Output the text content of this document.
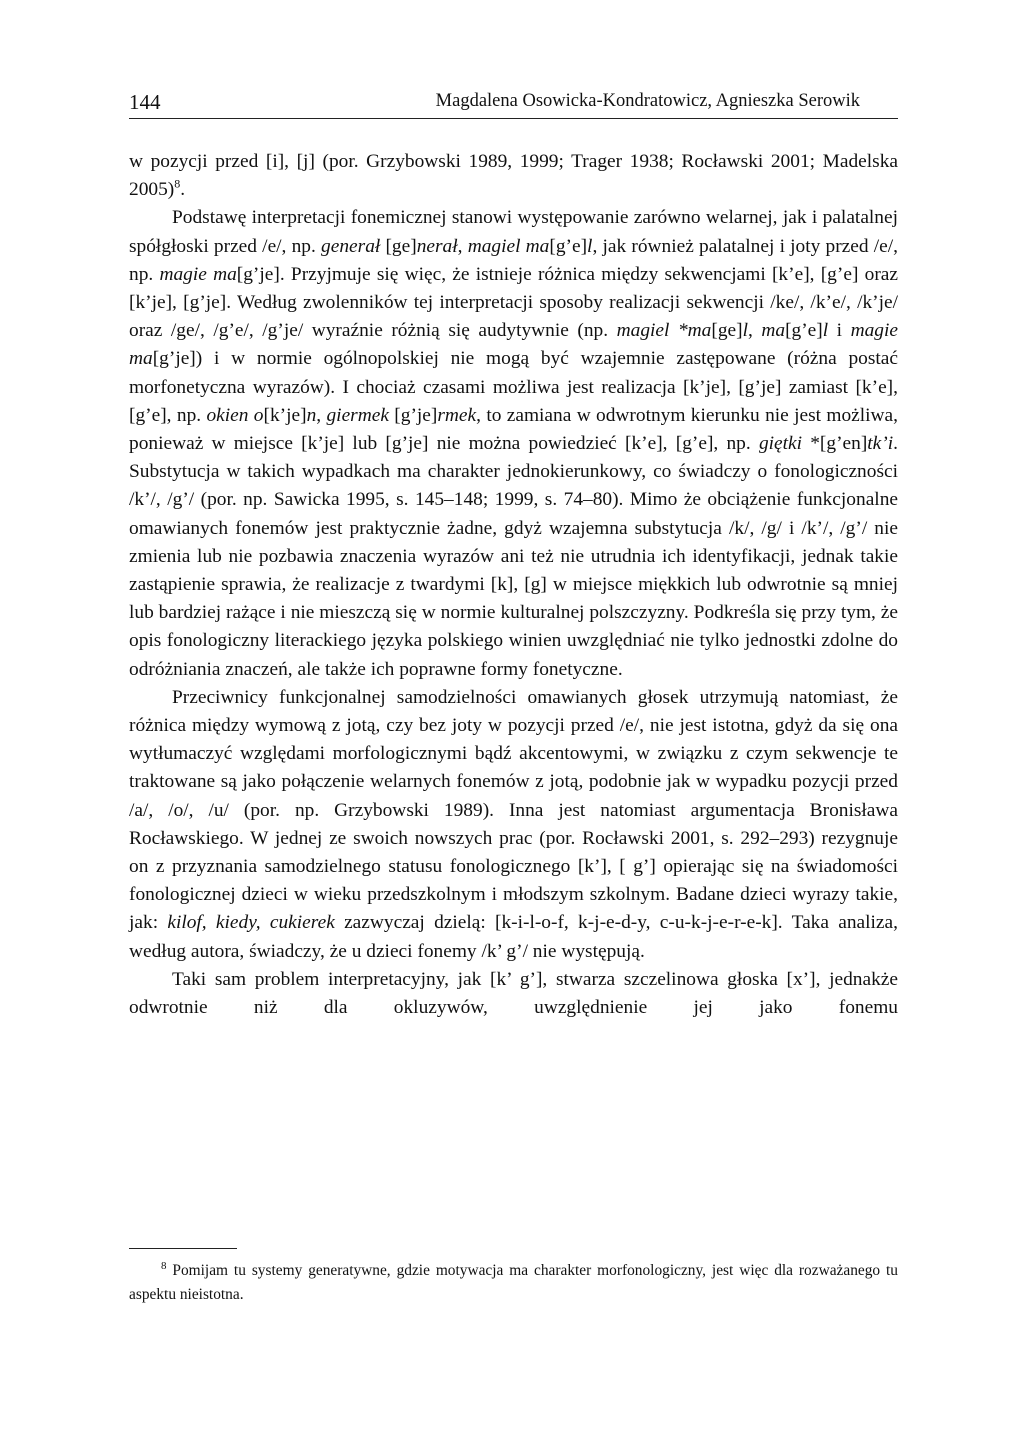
144	Magdalena Osowicka-Kondratowicz, Agnieszka Serowik

w pozycji przed [i], [j] (por. Grzybowski 1989, 1999; Trager 1938; Rocławski 2001; Madelska 2005)$^8$.

Podstawę interpretacji fonemicznej stanowi występowanie zarówno welarnej, jak i palatalnej spółgłoski przed /e/, np. generał [ge]nerał, magiel ma[g’e]l, jak również palatalnej i joty przed /e/, np. magie ma[g’je]. Przyjmuje się więc, że istnieje różnica między sekwencjami [k’e], [g’e] oraz [k’je], [g’je]. Według zwolenników tej interpretacji sposoby realizacji sekwencji /ke/, /k’e/, /k’je/ oraz /ge/, /g’e/, /g’je/ wyraźnie różnią się audytywnie (np. magiel *ma[ge]l, ma[g’e]l i magie ma[g’je]) i w normie ogólnopolskiej nie mogą być wzajemnie zastępowane (różna postać morfonetyczna wyrazów). I chociaż czasami możliwa jest realizacja [k’je], [g’je] zamiast [k’e], [g’e], np. okien o[k’je]n, giermek [g’je]rmek, to zamiana w odwrotnym kierunku nie jest możliwa, ponieważ w miejsce [k’je] lub [g’je] nie można powiedzieć [k’e], [g’e], np. giętki *[g’en]tk’i. Substytucja w takich wypadkach ma charakter jednokierunkowy, co świadczy o fonologiczności /k’/, /g’/ (por. np. Sawicka 1995, s. 145–148; 1999, s. 74–80). Mimo że obciążenie funkcjonalne omawianych fonemów jest praktycznie żadne, gdyż wzajemna substytucja /k/, /g/ i /k’/, /g’/ nie zmienia lub nie pozbawia znaczenia wyrazów ani też nie utrudnia ich identyfikacji, jednak takie zastąpienie sprawia, że realizacje z twardymi [k], [g] w miejsce miękkich lub odwrotnie są mniej lub bardziej rażące i nie mieszczą się w normie kulturalnej polszczyzny. Podkreśla się przy tym, że opis fonologiczny literackiego języka polskiego winien uwzględniać nie tylko jednostki zdolne do odróżniania znaczeń, ale także ich poprawne formy fonetyczne.

Przeciwnicy funkcjonalnej samodzielności omawianych głosek utrzymują natomiast, że różnica między wymową z jotą, czy bez joty w pozycji przed /e/, nie jest istotna, gdyż da się ona wytłumaczyć względami morfologicznymi bądź akcentowymi, w związku z czym sekwencje te traktowane są jako połączenie welarnych fonemów z jotą, podobnie jak w wypadku pozycji przed /a/, /o/, /u/ (por. np. Grzybowski 1989). Inna jest natomiast argumentacja Bronisława Rocławskiego. W jednej ze swoich nowszych prac (por. Rocławski 2001, s. 292–293) rezygnuje on z przyznania samodzielnego statusu fonologicznego [k’], [ g’] opierając się na świadomości fonologicznej dzieci w wieku przedszkolnym i młodszym szkolnym. Badane dzieci wyrazy takie, jak: kilof, kiedy, cukierek zazwyczaj dzielą: [k-i-l-o-f, k-j-e-d-y, c-u-k-j-e-r-e-k]. Taka analiza, według autora, świadczy, że u dzieci fonemy /k’ g’/ nie występują.

Taki sam problem interpretacyjny, jak [k’ g’], stwarza szczelinowa głoska [x’], jednakże odwrotnie niż dla okluzywów, uwzględnienie jej jako fonemu

$^8$ Pomijam tu systemy generatywne, gdzie motywacja ma charakter morfonologiczny, jest więc dla rozważanego tu aspektu nieistotna.
